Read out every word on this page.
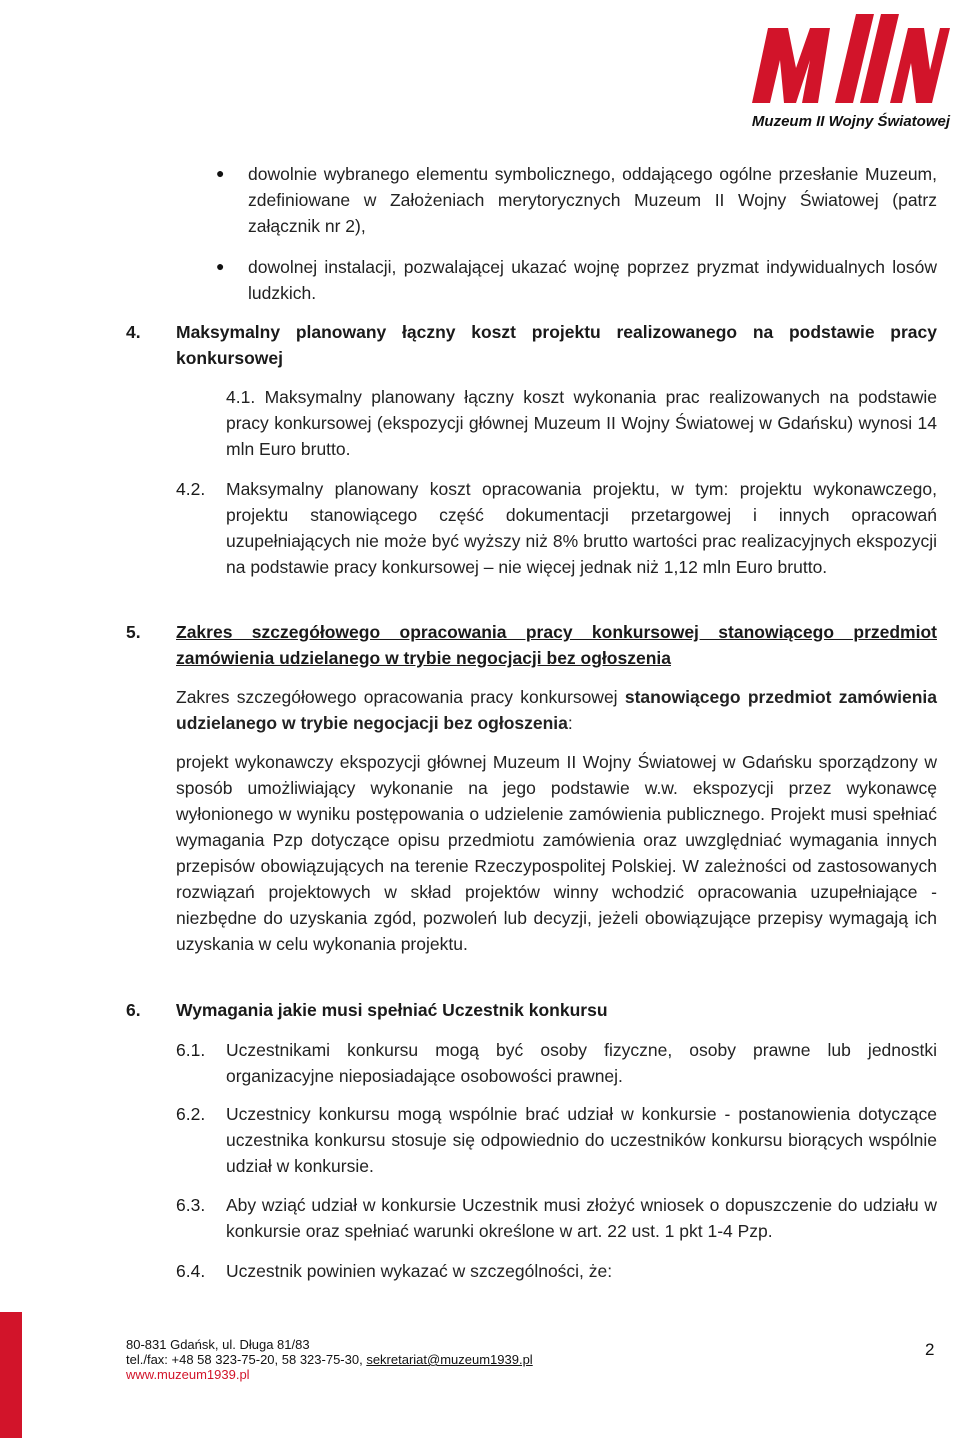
Muzeum II Wojny Światowej
● dowolnie wybranego elementu symbolicznego, oddającego ogólne przesłanie Muzeum, zdefiniowane w Założeniach merytorycznych Muzeum II Wojny Światowej (patrz załącznik nr 2),
● dowolnej instalacji, pozwalającej ukazać wojnę poprzez pryzmat indywidualnych losów ludzkich.
4. Maksymalny planowany łączny koszt projektu realizowanego na podstawie pracy konkursowej
4.1. Maksymalny planowany łączny koszt wykonania prac realizowanych na podstawie pracy konkursowej (ekspozycji głównej Muzeum II Wojny Światowej w Gdańsku) wynosi 14 mln Euro brutto.
4.2. Maksymalny planowany koszt opracowania projektu, w tym: projektu wykonawczego, projektu stanowiącego część dokumentacji przetargowej i innych opracowań uzupełniających nie może być wyższy niż 8% brutto wartości prac realizacyjnych ekspozycji na podstawie pracy konkursowej – nie więcej jednak niż 1,12 mln Euro brutto.
5. Zakres szczegółowego opracowania pracy konkursowej stanowiącego przedmiot zamówienia udzielanego w trybie negocjacji bez ogłoszenia
Zakres szczegółowego opracowania pracy konkursowej stanowiącego przedmiot zamówienia udzielanego w trybie negocjacji bez ogłoszenia:
projekt wykonawczy ekspozycji głównej Muzeum II Wojny Światowej w Gdańsku sporządzony w sposób umożliwiający wykonanie na jego podstawie w.w. ekspozycji przez wykonawcę wyłonionego w wyniku postępowania o udzielenie zamówienia publicznego. Projekt musi spełniać wymagania Pzp dotyczące opisu przedmiotu zamówienia oraz uwzględniać wymagania innych przepisów obowiązujących na terenie Rzeczypospolitej Polskiej. W zależności od zastosowanych rozwiązań projektowych w skład projektów winny wchodzić opracowania uzupełniające - niezbędne do uzyskania zgód, pozwoleń lub decyzji, jeżeli obowiązujące przepisy wymagają ich uzyskania w celu wykonania projektu.
6. Wymagania jakie musi spełniać Uczestnik konkursu
6.1. Uczestnikami konkursu mogą być osoby fizyczne, osoby prawne lub jednostki organizacyjne nieposiadające osobowości prawnej.
6.2. Uczestnicy konkursu mogą wspólnie brać udział w konkursie - postanowienia dotyczące uczestnika konkursu stosuje się odpowiednio do uczestników konkursu biorących wspólnie udział w konkursie.
6.3. Aby wziąć udział w konkursie Uczestnik musi złożyć wniosek o dopuszczenie do udziału w konkursie oraz spełniać warunki określone w art. 22 ust. 1 pkt 1-4 Pzp.
6.4. Uczestnik powinien wykazać w szczególności, że:
80-831 Gdańsk, ul. Długa 81/83
tel./fax: +48 58 323-75-20, 58 323-75-30, sekretariat@muzeum1939.pl
www.muzeum1939.pl
2
